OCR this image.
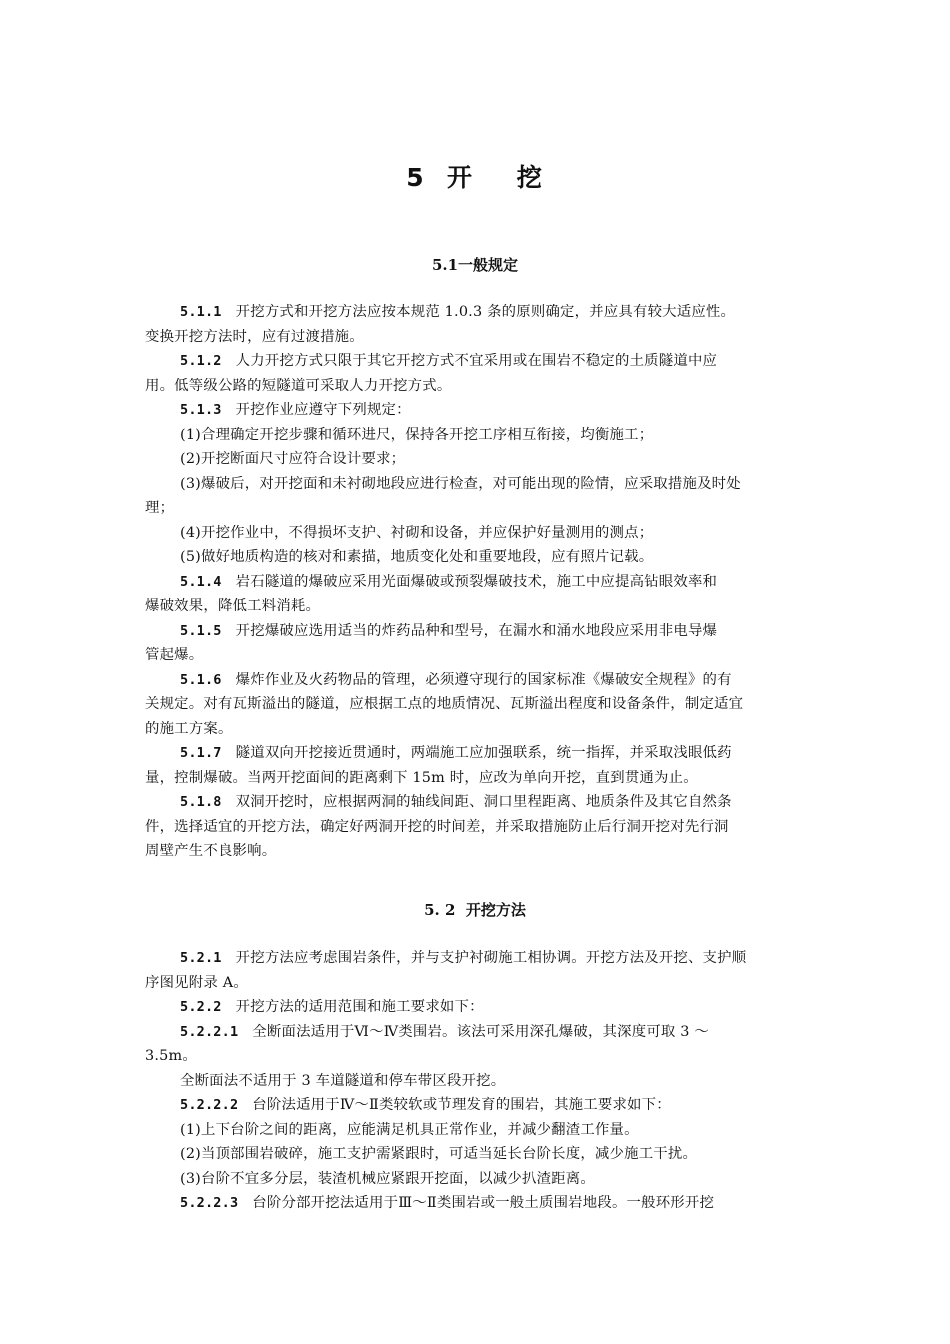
5  开    挖
5.1一般规定
5.1.1 开挖方式和开挖方法应按本规范 1.0.3 条的原则确定，并应具有较大适应性。
变换开挖方法时，应有过渡措施。
5.1.2 人力开挖方式只限于其它开挖方式不宜采用或在围岩不稳定的土质隧道中应
用。低等级公路的短隧道可采取人力开挖方式。
5.1.3 开挖作业应遵守下列规定：
(1)合理确定开挖步骤和循环进尺，保持各开挖工序相互衔接，均衡施工；
(2)开挖断面尺寸应符合设计要求；
(3)爆破后，对开挖面和未衬砌地段应进行检查，对可能出现的险情，应采取措施及时处
理；
(4)开挖作业中，不得损坏支护、衬砌和设备，并应保护好量测用的测点；
(5)做好地质构造的核对和素描，地质变化处和重要地段，应有照片记载。
5.1.4 岩石隧道的爆破应采用光面爆破或预裂爆破技术，施工中应提高钻眼效率和
爆破效果，降低工料消耗。
5.1.5 开挖爆破应选用适当的炸药品种和型号，在漏水和涌水地段应采用非电导爆
管起爆。
5.1.6 爆炸作业及火药物品的管理，必须遵守现行的国家标准《爆破安全规程》的有
关规定。对有瓦斯溢出的隧道，应根据工点的地质情况、瓦斯溢出程度和设备条件，制定适宜
的施工方案。
5.1.7 隧道双向开挖接近贯通时，两端施工应加强联系，统一指挥，并采取浅眼低药
量，控制爆破。当两开挖面间的距离剩下 15m 时，应改为单向开挖，直到贯通为止。
5.1.8 双洞开挖时，应根据两洞的轴线间距、洞口里程距离、地质条件及其它自然条
件，选择适宜的开挖方法，确定好两洞开挖的时间差，并采取措施防止后行洞开挖对先行洞
周壁产生不良影响。
5. 2  开挖方法
5.2.1 开挖方法应考虑围岩条件，并与支护衬砌施工相协调。开挖方法及开挖、支护顺
序图见附录 A。
5.2.2 开挖方法的适用范围和施工要求如下：
5.2.2.1 全断面法适用于Ⅵ～Ⅳ类围岩。该法可采用深孔爆破，其深度可取 3 ～
3.5m。
全断面法不适用于 3 车道隧道和停车带区段开挖。
5.2.2.2 台阶法适用于Ⅳ～Ⅱ类较软或节理发育的围岩，其施工要求如下：
(1)上下台阶之间的距离，应能满足机具正常作业，并减少翻渣工作量。
(2)当顶部围岩破碎，施工支护需紧跟时，可适当延长台阶长度，减少施工干扰。
(3)台阶不宜多分层，装渣机械应紧跟开挖面，以减少扒渣距离。
5.2.2.3 台阶分部开挖法适用于Ⅲ～Ⅱ类围岩或一般土质围岩地段。一般环形开挖
